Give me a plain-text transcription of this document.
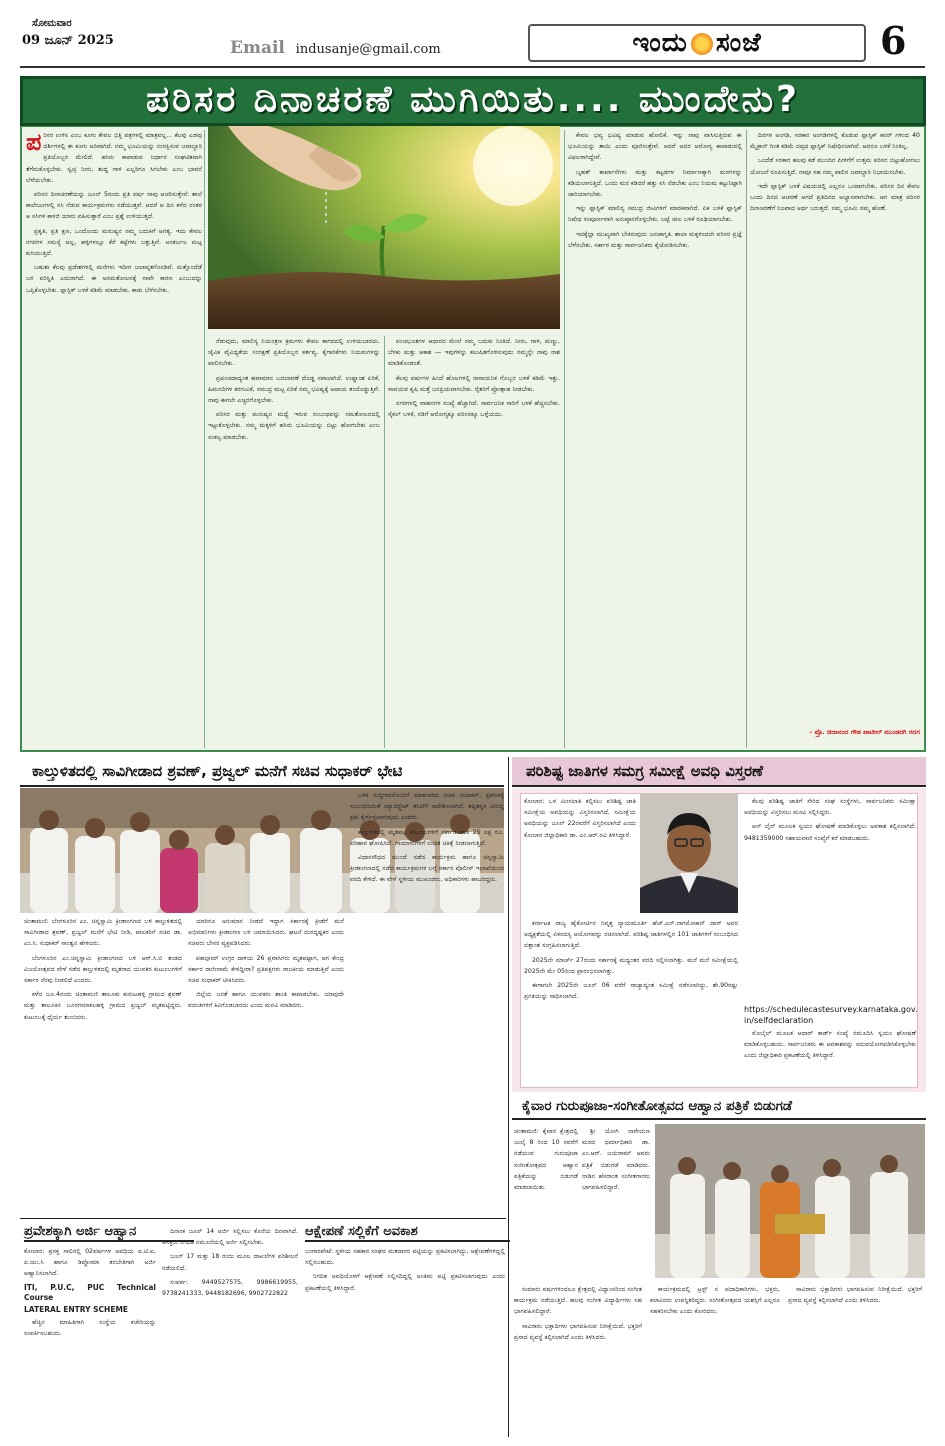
ಸೋಮವಾರ
09 ಜೂನ್ 2025	Email indusanje@gmail.com	ಇಂದು ಸಂಜೆ	6
ಪರಿಸರ ದಿನಾಚರಣೆ ಮುಗಿಯಿತು.... ಮುಂದೇನು?

ಪರಿಸರ ಉಳಿಸಿ ಎಂಬ ಕೂಗು ಕೇವಲ ಭಿತ್ತಿ ಪತ್ರಗಳಲ್ಲಿ ಮಾತ್ರವಲ್ಲ... ಕೆಲವು ಎಡವು ದರ್ಶಿಗಳಲ್ಲಿ ಈ ಕೂಗು ಅರಿವಾಗಿದೆ. ನಮ್ಮ ಭೂಮಿಯನ್ನು ಸಂರಕ್ಷಿಸುವ ಜವಾಬ್ದಾರಿ ಪ್ರತಿಯೊಬ್ಬರ ಮೇಲಿದೆ. ಹಸಿರು ಕಾಪಾಡುವ ನಿರ್ಧಾರ ಸಂಘಟಿತವಾಗಿ ತೆಗೆದುಕೊಳ್ಳಬೇಕು. ಸ್ವಚ್ಛ ನೀರು, ಶುದ್ಧ ಗಾಳಿ ಎಲ್ಲರಿಗೂ ಸಿಗಬೇಕು ಎಂಬ ಭಾವನೆ ಬೆಳೆಯಬೇಕು.

ಪರಿಸರ ದಿನಾಚರಣೆಯನ್ನು ಜೂನ್ 5ರಂದು ಪ್ರತಿ ವರ್ಷ ನಾವು ಆಚರಿಸುತ್ತೇವೆ. ಶಾಲೆ ಕಾಲೇಜುಗಳಲ್ಲಿ ಸಸಿ ನೆಡುವ ಕಾರ್ಯಕ್ರಮಗಳು ನಡೆಯುತ್ತವೆ. ಆದರೆ ಆ ದಿನ ಕಳೆದ ನಂತರ ಆ ಸಸಿಗಳ ಕಾಳಜಿ ಯಾರು ವಹಿಸುತ್ತಾರೆ ಎಂಬ ಪ್ರಶ್ನೆ ಉಳಿಯುತ್ತದೆ.

ಪ್ರಕೃತಿ, ಪ್ರತಿ ಕ್ಷಣ, ಒಂದೊಂದು ಮನುಷ್ಯನ ನಮ್ಮ ಬದುಕಿಗೆ ಅಗತ್ಯ. ಇದು ಕೇವಲ ನಗರಗಳ ಸಮಸ್ಯೆ ಅಲ್ಲ, ಹಳ್ಳಿಗಳಲ್ಲೂ ಕೆರೆ ಕಟ್ಟೆಗಳು ಬತ್ತುತ್ತಿವೆ. ಅಂತರ್ಜಲ ಮಟ್ಟ ಕುಸಿಯುತ್ತಿದೆ.

ಬಹುಶಃ ಕೆಲವು ಪ್ರದೇಶಗಳಲ್ಲಿ ಮನೆಗಳು ಇದೀಗ ಜಲಾವೃತಗೊಂಡಿವೆ. ಮತ್ತೊಂದೆಡೆ ಬರ ಪರಿಸ್ಥಿತಿ ಎದುರಾಗಿದೆ. ಈ ಅಸಮತೋಲನಕ್ಕೆ ನಾವೇ ಕಾರಣ ಎಂಬುದನ್ನು ಒಪ್ಪಿಕೊಳ್ಳಬೇಕು. ಪ್ಲಾಸ್ಟಿಕ್ ಬಳಕೆ ಕಡಿಮೆ ಮಾಡಬೇಕು. ಕಾಡು ಬೆಳೆಸಬೇಕು.

ನೆಡುವುದು, ಮಾಲಿನ್ಯ ನಿಯಂತ್ರಣ ಕ್ರಮಗಳು ಕೇವಲ ಕಾಗದದಲ್ಲಿ ಉಳಿಯಬಾರದು. ಜೈವಿಕ ವೈವಿಧ್ಯತೆಯ ಸಂರಕ್ಷಣೆ ಪ್ರತಿಯೊಬ್ಬರ ಕರ್ತವ್ಯ. ಕೈಗಾರಿಕೆಗಳು ನಿಯಮಗಳನ್ನು ಪಾಲಿಸಬೇಕು.

ಪ್ರಪಂಚದಾದ್ಯಂತ ಹವಾಮಾನ ಬದಲಾವಣೆ ದೊಡ್ಡ ಸವಾಲಾಗಿದೆ. ಉಷ್ಣಾಂಶ ಏರಿಕೆ, ಹಿಮನದಿಗಳ ಕರಗುವಿಕೆ, ಸಮುದ್ರ ಮಟ್ಟ ಏರಿಕೆ ನಮ್ಮ ಭವಿಷ್ಯಕ್ಕೆ ಅಪಾಯ ತಂದೊಡ್ಡುತ್ತಿವೆ. ನಾವು ಈಗಲೇ ಎಚ್ಚರಗೊಳ್ಳಬೇಕು.

ಪರಿಸರ ಮತ್ತು ಮನುಷ್ಯನ ಮಧ್ಯೆ ಇರುವ ಸಂಬಂಧವನ್ನು ಸಮತೋಲನದಲ್ಲಿ ಇಟ್ಟುಕೊಳ್ಳಬೇಕು. ನಮ್ಮ ಮಕ್ಕಳಿಗೆ ಹಸಿರು ಭೂಮಿಯನ್ನು ಬಿಟ್ಟು ಹೋಗಬೇಕು ಎಂಬ ಸಂಕಲ್ಪ ಮಾಡಬೇಕು.

ಪಂಚಭೂತಗಳ ಆಧಾರದ ಮೇಲೆ ನಮ್ಮ ಬದುಕು ನಿಂತಿದೆ. ನೀರು, ಗಾಳಿ, ಮಣ್ಣು, ಬೆಳಕು ಮತ್ತು ಆಕಾಶ — ಇವುಗಳನ್ನು ಕಲುಷಿತಗೊಳಿಸುವುದು ನಮ್ಮನ್ನೇ ನಾವು ನಾಶ ಮಾಡಿಕೊಂಡಂತೆ.

ಕೆಲವು ವರ್ಷಗಳ ಹಿಂದೆ ಹೊಲಗಳಲ್ಲಿ ರಾಸಾಯನಿಕ ಗೊಬ್ಬರ ಬಳಕೆ ಕಡಿಮೆ ಇತ್ತು. ಸಾವಯವ ಕೃಷಿ ಮತ್ತೆ ಜನಪ್ರಿಯವಾಗಬೇಕು. ರೈತರಿಗೆ ಪ್ರೋತ್ಸಾಹ ನೀಡಬೇಕು.

ನಗರಗಳಲ್ಲಿ ವಾಹನಗಳ ಸಂಖ್ಯೆ ಹೆಚ್ಚಾಗಿದೆ. ಸಾರ್ವಜನಿಕ ಸಾರಿಗೆ ಬಳಕೆ ಹೆಚ್ಚಿಸಬೇಕು. ಸೈಕಲ್ ಬಳಕೆ, ನಡಿಗೆ ಆರೋಗ್ಯಕ್ಕೂ ಪರಿಸರಕ್ಕೂ ಒಳ್ಳೆಯದು.

ಕೇವಲ ಭವ್ಯ ಭವಿಷ್ಯ ಮಾಡುವ ಹೋಲಿಕೆ. ಇನ್ನು ನಾವು ವಾಸಿಸುತ್ತಿರುವ ಈ ಭೂಮಿಯನ್ನು ತಾಯಿ ಎಂದು ಪೂಜಿಸುತ್ತೇವೆ. ಆದರೆ ಅದರ ಆರೋಗ್ಯ ಕಾಪಾಡುವಲ್ಲಿ ವಿಫಲರಾಗಿದ್ದೇವೆ.

ಬೃಹತ್ ಕಾರ್ಖಾನೆಗಳು ಮತ್ತು ಕಟ್ಟಡಗಳ ನಿರ್ಮಾಣಕ್ಕಾಗಿ ಮರಗಳನ್ನು ಕಡಿಯಲಾಗುತ್ತಿದೆ. ಒಂದು ಮರ ಕಡಿದರೆ ಹತ್ತು ಸಸಿ ನೆಡಬೇಕು ಎಂಬ ನಿಯಮ ಕಟ್ಟುನಿಟ್ಟಾಗಿ ಜಾರಿಯಾಗಬೇಕು.

ಇನ್ನು ಪ್ಲಾಸ್ಟಿಕ್ ಮಾಲಿನ್ಯ ಸಮುದ್ರ ಜೀವಿಗಳಿಗೆ ಮಾರಕವಾಗಿದೆ. ಏಕ ಬಳಕೆ ಪ್ಲಾಸ್ಟಿಕ್ ನಿಷೇಧ ಸಂಪೂರ್ಣವಾಗಿ ಅನುಷ್ಠಾನಗೊಳ್ಳಬೇಕು. ಬಟ್ಟೆ ಚೀಲ ಬಳಕೆ ರೂಢಿಯಾಗಬೇಕು.

ಇದಕ್ಕೆಲ್ಲಾ ಮುಖ್ಯವಾಗಿ ಬೇಕಿರುವುದು ಜನಜಾಗೃತಿ. ಶಾಲಾ ಮಕ್ಕಳಿಂದಲೇ ಪರಿಸರ ಪ್ರಜ್ಞೆ ಬೆಳೆಸಬೇಕು. ಸರ್ಕಾರ ಮತ್ತು ಸಾರ್ವಜನಿಕರು ಕೈಜೋಡಿಸಬೇಕು.

ದಿನಗಳ ಅಂಗಡಿ, ಸರಕಾರ ಅಂಗಡಿಗಳಲ್ಲಿ ಕೊಡುವ ಪ್ಲಾಸ್ಟಿಕ್ ಕವರ್ ಗಳಿಂದ 40 ಮೈಕ್ರಾನ್ ಗಿಂತ ಕಡಿಮೆ ದಪ್ಪದ ಪ್ಲಾಸ್ಟಿಕ್ ನಿಷೇಧಿಸಲಾಗಿದೆ. ಆದರೂ ಬಳಕೆ ನಿಂತಿಲ್ಲ.

ಒಂದೆಡೆ ಸರಕಾರ ಹಲವು ಕಡೆ ಮುಂದಿನ ಪೀಳಿಗೆಗೆ ಉತ್ತಮ ಪರಿಸರ ಬಿಟ್ಟುಹೋಗಲು ಯೋಜನೆ ರೂಪಿಸುತ್ತಿದೆ. ನಾವೂ ಸಹ ನಮ್ಮ ಪಾಲಿನ ಜವಾಬ್ದಾರಿ ನಿಭಾಯಿಸಬೇಕು.

ಇದೇ ಪ್ಲಾಸ್ಟಿಕ್ ಬಳಕೆ ವಿಷಯದಲ್ಲಿ ಎಲ್ಲರೂ ಒಂದಾಗಬೇಕು. ಪರಿಸರ ದಿನ ಕೇವಲ ಒಂದು ದಿನದ ಆಚರಣೆ ಆಗದೆ ಪ್ರತಿದಿನದ ಅಭ್ಯಾಸವಾಗಬೇಕು. ಆಗ ಮಾತ್ರ ಪರಿಸರ ದಿನಾಚರಣೆಗೆ ನಿಜವಾದ ಅರ್ಥ ಬರುತ್ತದೆ. ನಮ್ಮ ಭೂಮಿ ನಮ್ಮ ಹೊಣೆ.

– ಪ್ರೊ. ಚಿದಾನಂದ ಗೌಡ ಪಾಟೀಲ್ ಮುಂಡರಗಿ ಗದಗ
ಕಾಲ್ತುಳಿತದಲ್ಲಿ ಸಾವಿಗೀಡಾದ ಶ್ರವಣ್, ಪ್ರಜ್ವಲ್ ಮನೆಗೆ ಸಚಿವ ಸುಧಾಕರ್ ಭೇಟಿ

ಚಿಂತಾಮಣಿ: ಬೆಂಗಳೂರಿನ ಎಂ. ಚಿನ್ನಸ್ವಾಮಿ ಕ್ರೀಡಾಂಗಣದ ಬಳಿ ಕಾಲ್ತುಳಿತದಲ್ಲಿ ಸಾವಿಗೀಡಾದ ಶ್ರವಣ್, ಪ್ರಜ್ವಲ್ ಮನೆಗೆ ಭೇಟಿ ನೀಡಿ, ಪಾಲಕರಿಗೆ ಸಚಿವ ಡಾ. ಎಂ.ಸಿ. ಸುಧಾಕರ್ ಸಾಂತ್ವನ ಹೇಳಿದರು.

ಬೆಂಗಳೂರಿನ ಎಂ.ಚಿನ್ನಸ್ವಾಮಿ ಕ್ರೀಡಾಂಗಣದ ಬಳಿ ಆರ್.ಸಿ.ಬಿ ತಂಡದ ವಿಜಯೋತ್ಸವದ ವೇಳೆ ನಡೆದ ಕಾಲ್ತುಳಿತದಲ್ಲಿ ಮೃತರಾದ ಯುವಕರ ಕುಟುಂಬಗಳಿಗೆ ಸರ್ಕಾರ ನೆರವು ನೀಡಲಿದೆ ಎಂದರು.

ಕಳೆದ ಜೂ.4ರಂದು ಚಿಂತಾಮಣಿ ತಾಲೂಕು ಕುರುಟಹಳ್ಳಿ ಗ್ರಾಮದ ಶ್ರವಣ್ ಮತ್ತು ತಾಲೂಕಿನ ಬೂರಗಮಾಕಲಹಳ್ಳಿ ಗ್ರಾಮದ ಪ್ರಜ್ವಲ್ ಮೃತಪಟ್ಟಿದ್ದರು. ಕುಟುಂಬಕ್ಕೆ ಧೈರ್ಯ ತುಂಬಿದರು.

ಯಾರಿಗೂ ಅನುಮಾನ ನೀಡದೆ ಇದ್ದಾಗ ಸರ್ಕಾರಕ್ಕೆ ಕ್ರೀಡೆಗೆ ಮನೆ ಅಭಿಮಾನಿಗಳು ಕ್ರೀಡಾಂಗಣ ಬಳಿ ಜಮಾಯಿಸಿದರು. ಘಟನೆ ದುರದೃಷ್ಟಕರ ಎಂದು ಸಚಿವರು ಬೇಸರ ವ್ಯಕ್ತಪಡಿಸಿದರು.

ಪಹಲ್ಗಾಮ್ ಉಗ್ರರ ದಾಳಿಯ 26 ಪ್ರವಾಸಿಗರು ಮೃತಪಟ್ಟಾಗ, ಆಗ ಕೇಂದ್ರ ಸರ್ಕಾರ ರಾಜೀನಾಮೆ ಕೇಳಿದ್ದೀರಾ? ಪ್ರತಿಪಕ್ಷಗಳು ರಾಜಕೀಯ ಮಾಡುತ್ತಿವೆ ಎಂದು ಸಚಿವ ಸುಧಾಕರ್ ಟೀಕಿಸಿದರು.

ಜಿಲ್ಲೆಯ ಜನತೆ ಹಾಗೂ ಯುವಕರು ಶಾಂತಿ ಕಾಪಾಡಬೇಕು. ಯಾವುದೇ ವದಂತಿಗಳಿಗೆ ಕಿವಿಗೊಡಬಾರದು ಎಂದು ಮನವಿ ಮಾಡಿದರು.

ಬಳಿಕ ಸುದ್ದಿಗಾರರೊಂದಿಗೆ ಮಾತನಾಡಿದ ಸಚಿವ ಸುಧಾಕರ್, ಪ್ರಕರಣಕ್ಕೆ ಸಂಬಂಧಿಸಿದಂತೆ ಮ್ಯಾಜಿಸ್ಟ್ರೇಟ್ ತನಿಖೆಗೆ ಆದೇಶಿಸಲಾಗಿದೆ. ತಪ್ಪಿತಸ್ಥರ ವಿರುದ್ಧ ಕ್ರಮ ಕೈಗೊಳ್ಳಲಾಗುವುದು ಎಂದರು.

ಕಾಲ್ತುಳಿತದಲ್ಲಿ ಮೃತಪಟ್ಟ ಕುಟುಂಬಗಳಿಗೆ ಸರ್ಕಾರ ತಲಾ 25 ಲಕ್ಷ ರೂ. ಪರಿಹಾರ ಘೋಷಿಸಿದೆ. ಗಾಯಾಳುಗಳಿಗೆ ಉಚಿತ ಚಿಕಿತ್ಸೆ ನೀಡಲಾಗುತ್ತಿದೆ.

ವಿಧಾನಸೌಧದ ಮುಂದೆ ನಡೆದ ಕಾರ್ಯಕ್ರಮ ಹಾಗೂ ಚಿನ್ನಸ್ವಾಮಿ ಕ್ರೀಡಾಂಗಣದಲ್ಲಿ ನಡೆದ ಕಾರ್ಯಕ್ರಮಗಳ ಬಗ್ಗೆ ಸರ್ಕಾರ ಪೊಲೀಸ್ ಇಲಾಖೆಯಿಂದ ವರದಿ ಕೇಳಿದೆ. ಈ ವೇಳೆ ಸ್ಥಳೀಯ ಮುಖಂಡರು, ಅಧಿಕಾರಿಗಳು ಹಾಜರಿದ್ದರು.

ಪರಿಶಿಷ್ಟ ಜಾತಿಗಳ ಸಮಗ್ರ ಸಮೀಕ್ಷೆ ಅವಧಿ ವಿಸ್ತರಣೆ

ಕೋಲಾರ: ಒಳ ಮೀಸಲಾತಿ ಕಲ್ಪಿಸಲು ಪರಿಶಿಷ್ಟ ಜಾತಿ ಸಮೀಕ್ಷೆಯ ಅವಧಿಯನ್ನು ವಿಸ್ತರಿಸಲಾಗಿದೆ. ಸಮೀಕ್ಷೆಯ ಅವಧಿಯನ್ನು ಜೂನ್ 22ರವರೆಗೆ ವಿಸ್ತರಿಸಲಾಗಿದೆ ಎಂದು ಕೋಲಾರ ಜಿಲ್ಲಾಧಿಕಾರಿ ಡಾ. ಎಂ.ಆರ್.ರವಿ ತಿಳಿಸಿದ್ದಾರೆ.

ಕರ್ನಾಟಕ ರಾಜ್ಯ ಹೈಕೋರ್ಟಿನ ನಿವೃತ್ತ ನ್ಯಾಯಮೂರ್ತಿ ಹೆಚ್.ಎನ್.ನಾಗಮೋಹನ್ ದಾಸ್ ಅವರ ಅಧ್ಯಕ್ಷತೆಯಲ್ಲಿ ಏಕಸದಸ್ಯ ಆಯೋಗವನ್ನು ರಚಿಸಲಾಗಿದೆ. ಪರಿಶಿಷ್ಟ ಜಾತಿಗಳಲ್ಲಿನ 101 ಜಾತಿಗಳಿಗೆ ಸಂಬಂಧಿಸಿದ ದತ್ತಾಂಶ ಸಂಗ್ರಹಿಸಲಾಗುತ್ತಿದೆ.

2025ನೇ ಮಾರ್ಚ್ 27ರಂದು ಸರ್ಕಾರಕ್ಕೆ ಮಧ್ಯಂತರ ವರದಿ ಸಲ್ಲಿಸಲಾಗಿತ್ತು. ಮನೆ ಮನೆ ಸಮೀಕ್ಷೆಯಲ್ಲಿ 2025ನೇ ಮೇ 05ರಿಂದ ಪ್ರಾರಂಭಿಸಲಾಗಿತ್ತು.

ಈಗಾಗಲೇ 2025ನೇ ಜೂನ್ 06 ವರೆಗೆ ರಾಜ್ಯಾದ್ಯಂತ ಸಮೀಕ್ಷೆ ನಡೆಸಲಾಗಿದ್ದು, ಶೇ.90ರಷ್ಟು ಪ್ರಗತಿಯನ್ನು ಸಾಧಿಸಲಾಗಿದೆ.

ಕೆಲವು ಪರಿಶಿಷ್ಟ ಜಾತಿಗೆ ಸೇರಿದ ಸಂಘ ಸಂಸ್ಥೆಗಳು, ಸಾರ್ವಜನಿಕರು ಸಮೀಕ್ಷಾ ಅವಧಿಯನ್ನು ವಿಸ್ತರಿಸಲು ಮನವಿ ಸಲ್ಲಿಸಿದ್ದರು.

ಆನ್ ಲೈನ್ ಮೂಲಕ ಸ್ವಯಂ ಘೋಷಣೆ ಮಾಡಿಕೊಳ್ಳಲು ಅವಕಾಶ ಕಲ್ಪಿಸಲಾಗಿದೆ. 9481359000 ಸಹಾಯವಾಣಿ ಸಂಖ್ಯೆಗೆ ಕರೆ ಮಾಡಬಹುದು.

https://schedulecastesurvey.karnataka.gov.
in/selfdeclaration

ಮೊಬೈಲ್ ಮೂಲಕ ಆಧಾರ್ ಕಾರ್ಡ್ ಸಂಖ್ಯೆ ನಮೂದಿಸಿ ಸ್ವಯಂ ಘೋಷಣೆ ಮಾಡಿಕೊಳ್ಳಬಹುದು. ಸಾರ್ವಜನಿಕರು ಈ ಅವಕಾಶವನ್ನು ಸದುಪಯೋಗಪಡಿಸಿಕೊಳ್ಳಬೇಕು ಎಂದು ಜಿಲ್ಲಾಧಿಕಾರಿ ಪ್ರಕಟಣೆಯಲ್ಲಿ ತಿಳಿಸಿದ್ದಾರೆ.

ಕೈವಾರ ಗುರುಪೂಜಾ-ಸಂಗೀತೋತ್ಸವದ ಆಹ್ವಾನ ಪತ್ರಿಕೆ ಬಿಡುಗಡೆ

ಚಿಂತಾಮಣಿ: ಕೈವಾರ ಕ್ಷೇತ್ರದಲ್ಲಿ ಜುಲೈ 8 ರಿಂದ 10 ರವರೆಗೆ ನಡೆಯುವ ಗುರುಪೂಜಾ ಸಂಗೀತೋತ್ಸವದ ಆಹ್ವಾನ ಪತ್ರಿಕೆಯನ್ನು ಬಿಡುಗಡೆ ಮಾಡಲಾಯಿತು.

ಶ್ರೀ ಯೋಗಿ ನಾರೇಯಣ ಮಠದ ಧರ್ಮಾಧಿಕಾರಿ ಡಾ. ಎಂ.ಆರ್. ಜಯರಾಮ್ ಅವರು ಪತ್ರಿಕೆ ಬಿಡುಗಡೆ ಮಾಡಿದರು. ನಾಡಿನ ಹೆಸರಾಂತ ಸಂಗೀತಗಾರರು ಭಾಗವಹಿಸಲಿದ್ದಾರೆ.

ಸುಮಾರು ವರ್ಷಗಳಿಂದಲೂ ಕ್ಷೇತ್ರದಲ್ಲಿ ವಿದ್ವಾಂಸರಿಂದ ಸಂಗೀತ ಕಾರ್ಯಕ್ರಮ ನಡೆಯುತ್ತಿದೆ. ಹಲವು ಸಂಗೀತ ವಿದ್ಯಾರ್ಥಿಗಳು ಸಹ ಭಾಗವಹಿಸಲಿದ್ದಾರೆ.

ಸಾವಿರಾರು ಭಕ್ತಾದಿಗಳು ಭಾಗವಹಿಸುವ ನಿರೀಕ್ಷೆಯಿದೆ. ಭಕ್ತರಿಗೆ ಪ್ರಸಾದ ವ್ಯವಸ್ಥೆ ಕಲ್ಪಿಸಲಾಗಿದೆ ಎಂದು ತಿಳಿಸಿದರು.

ಕಾರ್ಯಕ್ರಮದಲ್ಲಿ ಟ್ರಸ್ಟ್ ನ ಪದಾಧಿಕಾರಿಗಳು, ಭಕ್ತರು, ಕಲಾವಿದರು ಉಪಸ್ಥಿತರಿದ್ದರು. ಸಂಗೀತೋತ್ಸವದ ಯಶಸ್ಸಿಗೆ ಎಲ್ಲರೂ ಸಹಕರಿಸಬೇಕು ಎಂದು ಕೋರಿದರು.

ಸಾವಿರಾರು ಭಕ್ತಾದಿಗಳು ಭಾಗವಹಿಸುವ ನಿರೀಕ್ಷೆಯಿದೆ. ಭಕ್ತರಿಗೆ ಪ್ರಸಾದ ವ್ಯವಸ್ಥೆ ಕಲ್ಪಿಸಲಾಗಿದೆ ಎಂದು ತಿಳಿಸಿದರು.

ಪ್ರವೇಶಕ್ಕಾಗಿ ಅರ್ಜಿ ಆಹ್ವಾನ

ಕೋಲಾರ: ಪ್ರಸಕ್ತ ಸಾಲಿನಲ್ಲಿ 02ವರ್ಷಗಳ ಅವಧಿಯ ಐ.ಟಿ.ಐ, ಪಿ.ಯು.ಸಿ ಹಾಗೂ ಡಿಪ್ಲೋಮಾ ತರಬೇತಿಗಾಗಿ ಅರ್ಜಿ ಆಹ್ವಾನಿಸಲಾಗಿದೆ.

ITI, P.U.C, PUC Technical Course
LATERAL ENTRY SCHEME

ಹೆಚ್ಚಿನ ಮಾಹಿತಿಗಾಗಿ ಸಂಸ್ಥೆಯ ಕಚೇರಿಯನ್ನು ಸಂಪರ್ಕಿಸಬಹುದು.

ದಿನಾಂಕ ಜೂನ್ 14 ಅರ್ಜಿ ಸಲ್ಲಿಸಲು ಕೊನೆಯ ದಿನವಾಗಿದೆ. ಆಸಕ್ತರು ನಿಗದಿತ ನಮೂನೆಯಲ್ಲಿ ಅರ್ಜಿ ಸಲ್ಲಿಸಬೇಕು.

ಜೂನ್ 17 ಮತ್ತು 18 ರಂದು ಮೂಲ ದಾಖಲೆಗಳ ಪರಿಶೀಲನೆ ನಡೆಯಲಿದೆ.

ಸಂಪರ್ಕ: 9449527575, 9986619955, 9738241333, 9448182696, 9902722822

ಆಕ್ಷೇಪಣೆ ಸಲ್ಲಿಕೆಗೆ ಅವಕಾಶ

ಬಂಗಾರಪೇಟೆ: ಸ್ಥಳೀಯ ಸಹಕಾರ ಸಂಘದ ಮತದಾರರ ಪಟ್ಟಿಯನ್ನು ಪ್ರಕಟಿಸಲಾಗಿದ್ದು, ಆಕ್ಷೇಪಣೆಗಳಿದ್ದಲ್ಲಿ ಸಲ್ಲಿಸಬಹುದು.

ನಿಗದಿತ ಅವಧಿಯೊಳಗೆ ಆಕ್ಷೇಪಣೆ ಸಲ್ಲಿಸದಿದ್ದಲ್ಲಿ ಅಂತಿಮ ಪಟ್ಟಿ ಪ್ರಕಟಿಸಲಾಗುವುದು ಎಂದು ಪ್ರಕಟಣೆಯಲ್ಲಿ ತಿಳಿಸಿದ್ದಾರೆ.
